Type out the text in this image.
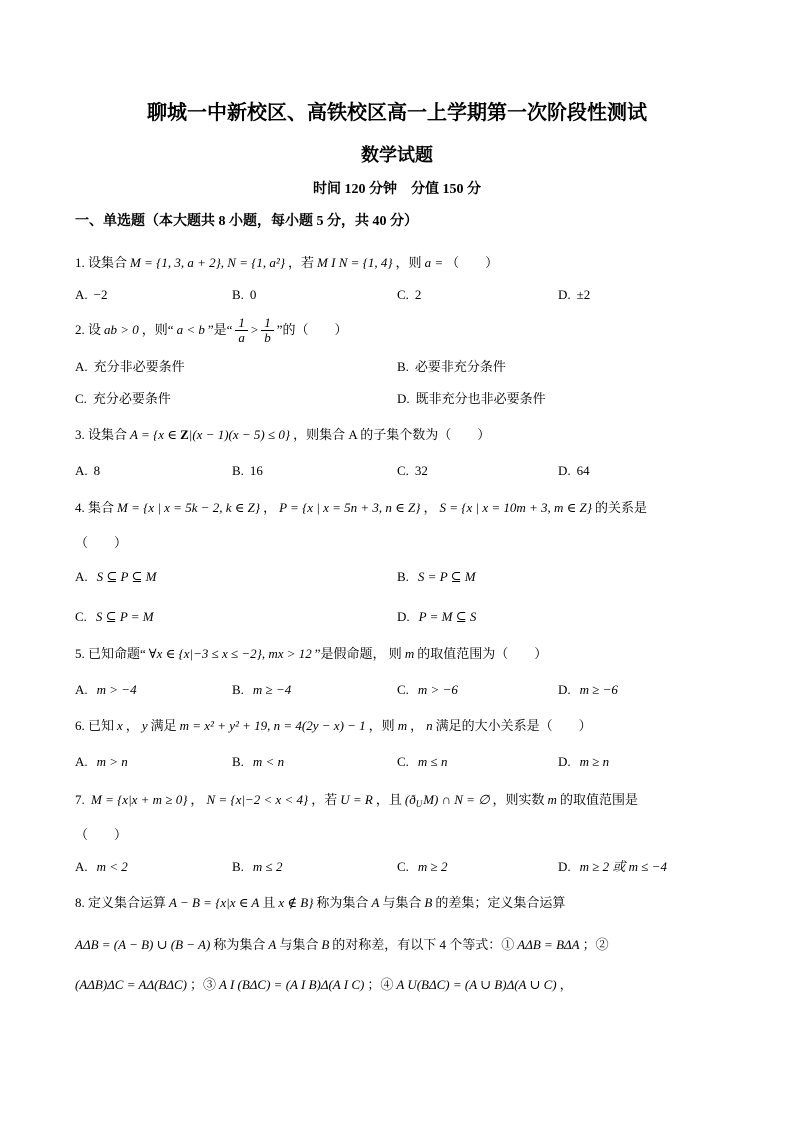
聊城一中新校区、高铁校区高一上学期第一次阶段性测试
数学试题
时间 120 分钟　分值 150 分
一、单选题（本大题共 8 小题，每小题 5 分，共 40 分）
1. 设集合 M = {1, 3, a + 2}, N = {1, a²} ，若 M I N = {1, 4} ，则 a = （　　）
A. −2	B. 0	C. 2	D. ±2
2. 设 ab > 0 ，则“ a < b ”是“ $\frac{1}{a} > \frac{1}{b}$ ”的（　　）
A. 充分非必要条件	B. 必要非充分条件
C. 充分必要条件	D. 既非充分也非必要条件
3. 设集合 A = {x ∈ Z|(x − 1)(x − 5) ≤ 0} ，则集合 A 的子集个数为（　　）
A. 8	B. 16	C. 32	D. 64
4. 集合 M = {x | x = 5k − 2, k ∈ Z} ， P = {x | x = 5n + 3, n ∈ Z} ， S = {x | x = 10m + 3, m ∈ Z} 的关系是
（　　）
A. S ⊆ P ⊆ M	B. S = P ⊆ M
C. S ⊆ P = M	D. P = M ⊆ S
5. 已知命题“ ∀x ∈ {x|−3 ≤ x ≤ −2}, mx > 12 ”是假命题， 则 m 的取值范围为（　　）
A. m > −4	B. m ≥ −4	C. m > −6	D. m ≥ −6
6. 已知 x ， y 满足 m = x² + y² + 19, n = 4(2y − x) − 1 ，则 m ， n 满足的大小关系是（　　）
A. m > n	B. m < n	C. m ≤ n	D. m ≥ n
7. M = {x|x + m ≥ 0} ， N = {x|−2 < x < 4} ，若 U = R ，且 $(ð_UM)$ ∩ N = ∅ ，则实数 m 的取值范围是
（　　）
A. m < 2	B. m ≤ 2	C. m ≥ 2	D. m ≥ 2 或 m ≤ −4
8. 定义集合运算 A − B = {x|x ∈ A 且 x ∉ B} 称为集合 A 与集合 B 的差集；定义集合运算
AΔB = (A − B) ∪ (B − A) 称为集合 A 与集合 B 的对称差，有以下 4 个等式：① AΔB = BΔA ；②
(AΔB)ΔC = AΔ(BΔC) ；③ A I (BΔC) = (A I B)Δ(A I C) ；④ A U(BΔC) = (A ∪ B)Δ(A ∪ C) ，
